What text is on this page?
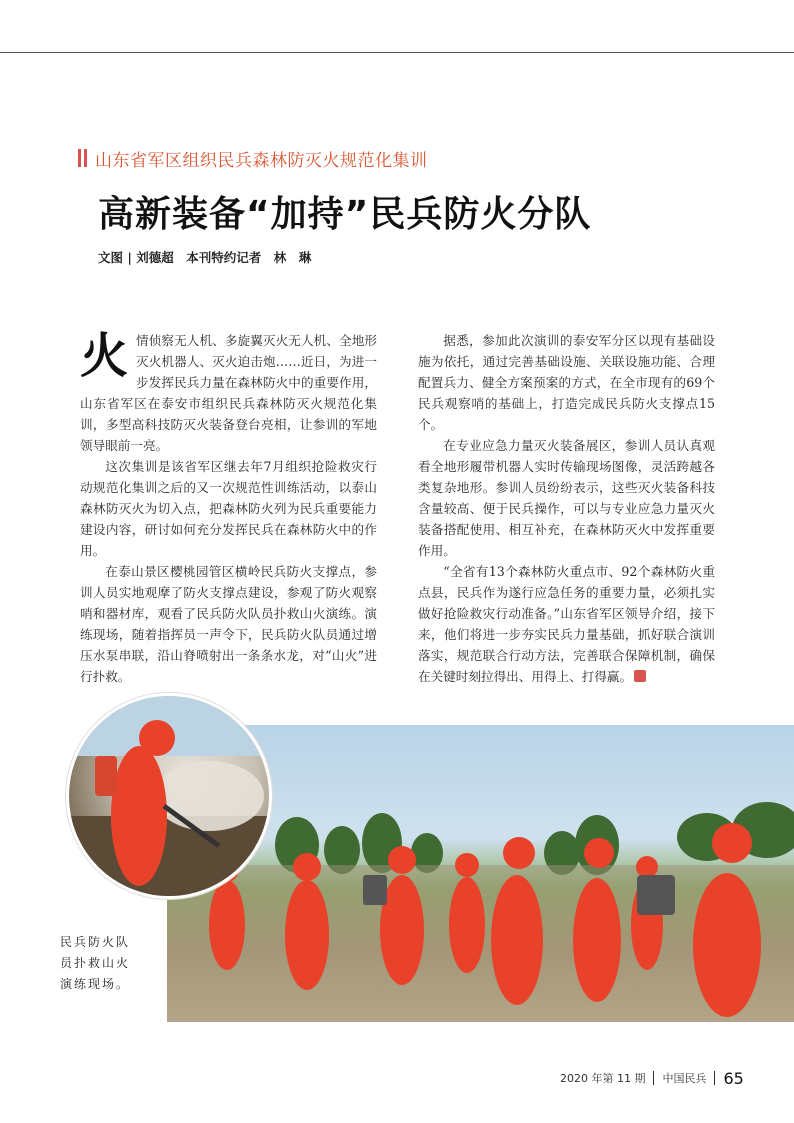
山东省军区组织民兵森林防灭火规范化集训
高新装备“加持”民兵防火分队
文图 | 刘德超　本刊特约记者　林　琳

火情侦察无人机、多旋翼灭火无人机、全地形灭火机器人、灭火迫击炮……近日，为进一步发挥民兵力量在森林防火中的重要作用，山东省军区在泰安市组织民兵森林防灭火规范化集训，多型高科技防灭火装备登台亮相，让参训的军地领导眼前一亮。

这次集训是该省军区继去年7月组织抢险救灾行动规范化集训之后的又一次规范性训练活动，以泰山森林防灭火为切入点，把森林防火列为民兵重要能力建设内容，研讨如何充分发挥民兵在森林防火中的作用。

在泰山景区樱桃园管区横岭民兵防火支撑点，参训人员实地观摩了防火支撑点建设，参观了防火观察哨和器材库，观看了民兵防火队员扑救山火演练。演练现场，随着指挥员一声令下，民兵防火队员通过增压水泵串联，沿山脊喷射出一条条水龙，对“山火”进行扑救。

据悉，参加此次演训的泰安军分区以现有基础设施为依托，通过完善基础设施、关联设施功能、合理配置兵力、健全方案预案的方式，在全市现有的69个民兵观察哨的基础上，打造完成民兵防火支撑点15个。

在专业应急力量灭火装备展区，参训人员认真观看全地形履带机器人实时传输现场图像，灵活跨越各类复杂地形。参训人员纷纷表示，这些灭火装备科技含量较高、便于民兵操作，可以与专业应急力量灭火装备搭配使用、相互补充，在森林防灭火中发挥重要作用。

“全省有13个森林防火重点市、92个森林防火重点县，民兵作为遂行应急任务的重要力量，必须扎实做好抢险救灾行动准备。”山东省军区领导介绍，接下来，他们将进一步夯实民兵力量基础，抓好联合演训落实，规范联合行动方法，完善联合保障机制，确保在关键时刻拉得出、用得上、打得赢。

民兵防火队员扑救山火演练现场。
2020 年第 11 期 中国民兵 65
